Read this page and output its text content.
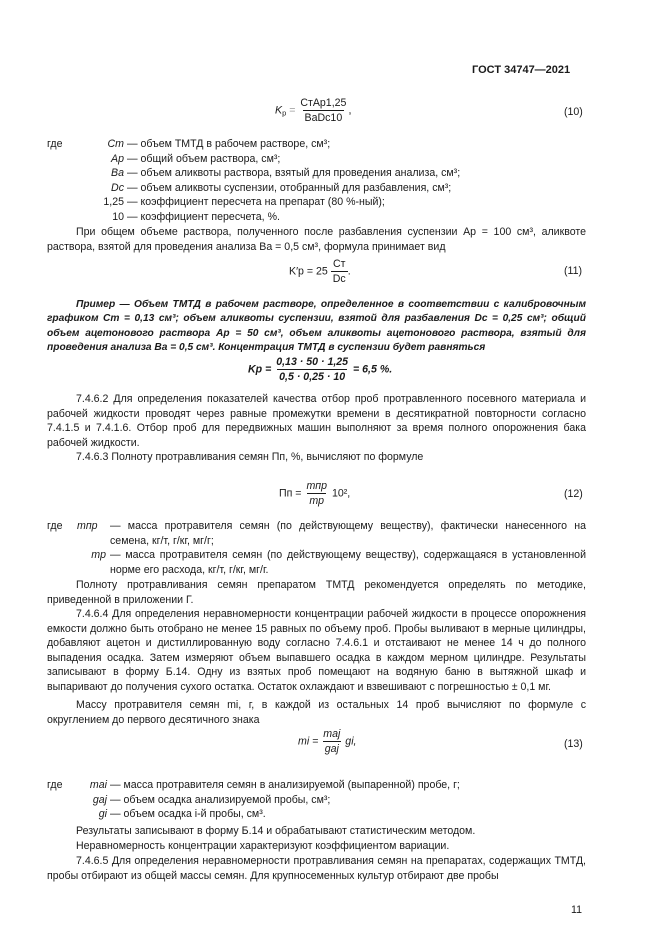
ГОСТ 34747—2021
$K_р = \frac{\text{CтAр1,25}}{\text{BаDс10}}$ ,	(10)
где	Cт — объем ТМТД в рабочем растворе, см³;
Aр — общий объем раствора, см³;
Bа — объем аликвоты раствора, взятый для проведения анализа, см³;
Dс — объем аликвоты суспензии, отобранный для разбавления, см³;
1,25 — коэффициент пересчета на препарат (80 %-ный);
10 — коэффициент пересчета, %.
При общем объеме раствора, полученного после разбавления суспензии Aр = 100 см³, аликвоте раствора, взятой для проведения анализа Bа = 0,5 см³, формула принимает вид
$K'р = 25 \frac{Cт}{Dс}$ .	(11)
Пример — Объем ТМТД в рабочем растворе, определенное в соответствии с калибровочным графиком Cт = 0,13 см³; объем аликвоты суспензии, взятой для разбавления Dс = 0,25 см³; общий объем ацетонового раствора Aр = 50 см³, объем аликвоты ацетонового раствора, взятый для проведения анализа Bа = 0,5 см³. Концентрация ТМТД в суспензии будет равняться
Kр = $\frac{0,13 \cdot 50 \cdot 1,25}{0,5 \cdot 0,25 \cdot 10} = 6,5$ %.
7.4.6.2 Для определения показателей качества отбор проб протравленного посевного материала и рабочей жидкости проводят через равные промежутки времени в десятикратной повторности согласно 7.4.1.5 и 7.4.1.6. Отбор проб для передвижных машин выполняют за время полного опорожнения бака рабочей жидкости.
7.4.6.3 Полноту протравливания семян Пп, %, вычисляют по формуле
Пп = $\frac{\text{mпр}}{mр} 10^2$,	(12)
где	mпр	— масса протравителя семян (по действующему веществу), фактически нанесенного на семена, кг/т, г/кг, мг/г;
mр — масса протравителя семян (по действующему веществу), содержащаяся в установленной норме его расхода, кг/т, г/кг, мг/г.
Полноту протравливания семян препаратом ТМТД рекомендуется определять по методике, приведенной в приложении Г.
7.4.6.4 Для определения неравномерности концентрации рабочей жидкости в процессе опорожнения емкости должно быть отобрано не менее 15 равных по объему проб. Пробы выливают в мерные цилиндры, добавляют ацетон и дистиллированную воду согласно 7.4.6.1 и отстаивают не менее 14 ч до полного выпадения осадка. Затем измеряют объем выпавшего осадка в каждом мерном цилиндре. Результаты записывают в форму Б.14. Одну из взятых проб помещают на водяную баню в вытяжной шкаф и выпаривают до получения сухого остатка. Остаток охлаждают и взвешивают с погрешностью ± 0,1 мг.
Массу протравителя семян mi, г, в каждой из остальных 14 проб вычисляют по формуле с округлением до первого десятичного знака
mi = $\frac{\text{maj}}{\text{gaj}}$ gi,	(13)
где	mai — масса протравителя семян в анализируемой (выпаренной) пробе, г;
gaj — объем осадка анализируемой пробы, см³;
gi — объем осадка i-й пробы, см³.
Результаты записывают в форму Б.14 и обрабатывают статистическим методом.
Неравномерность концентрации характеризуют коэффициентом вариации.
7.4.6.5 Для определения неравномерности протравливания семян на препаратах, содержащих ТМТД, пробы отбирают из общей массы семян. Для крупносеменных культур отбирают две пробы
11
